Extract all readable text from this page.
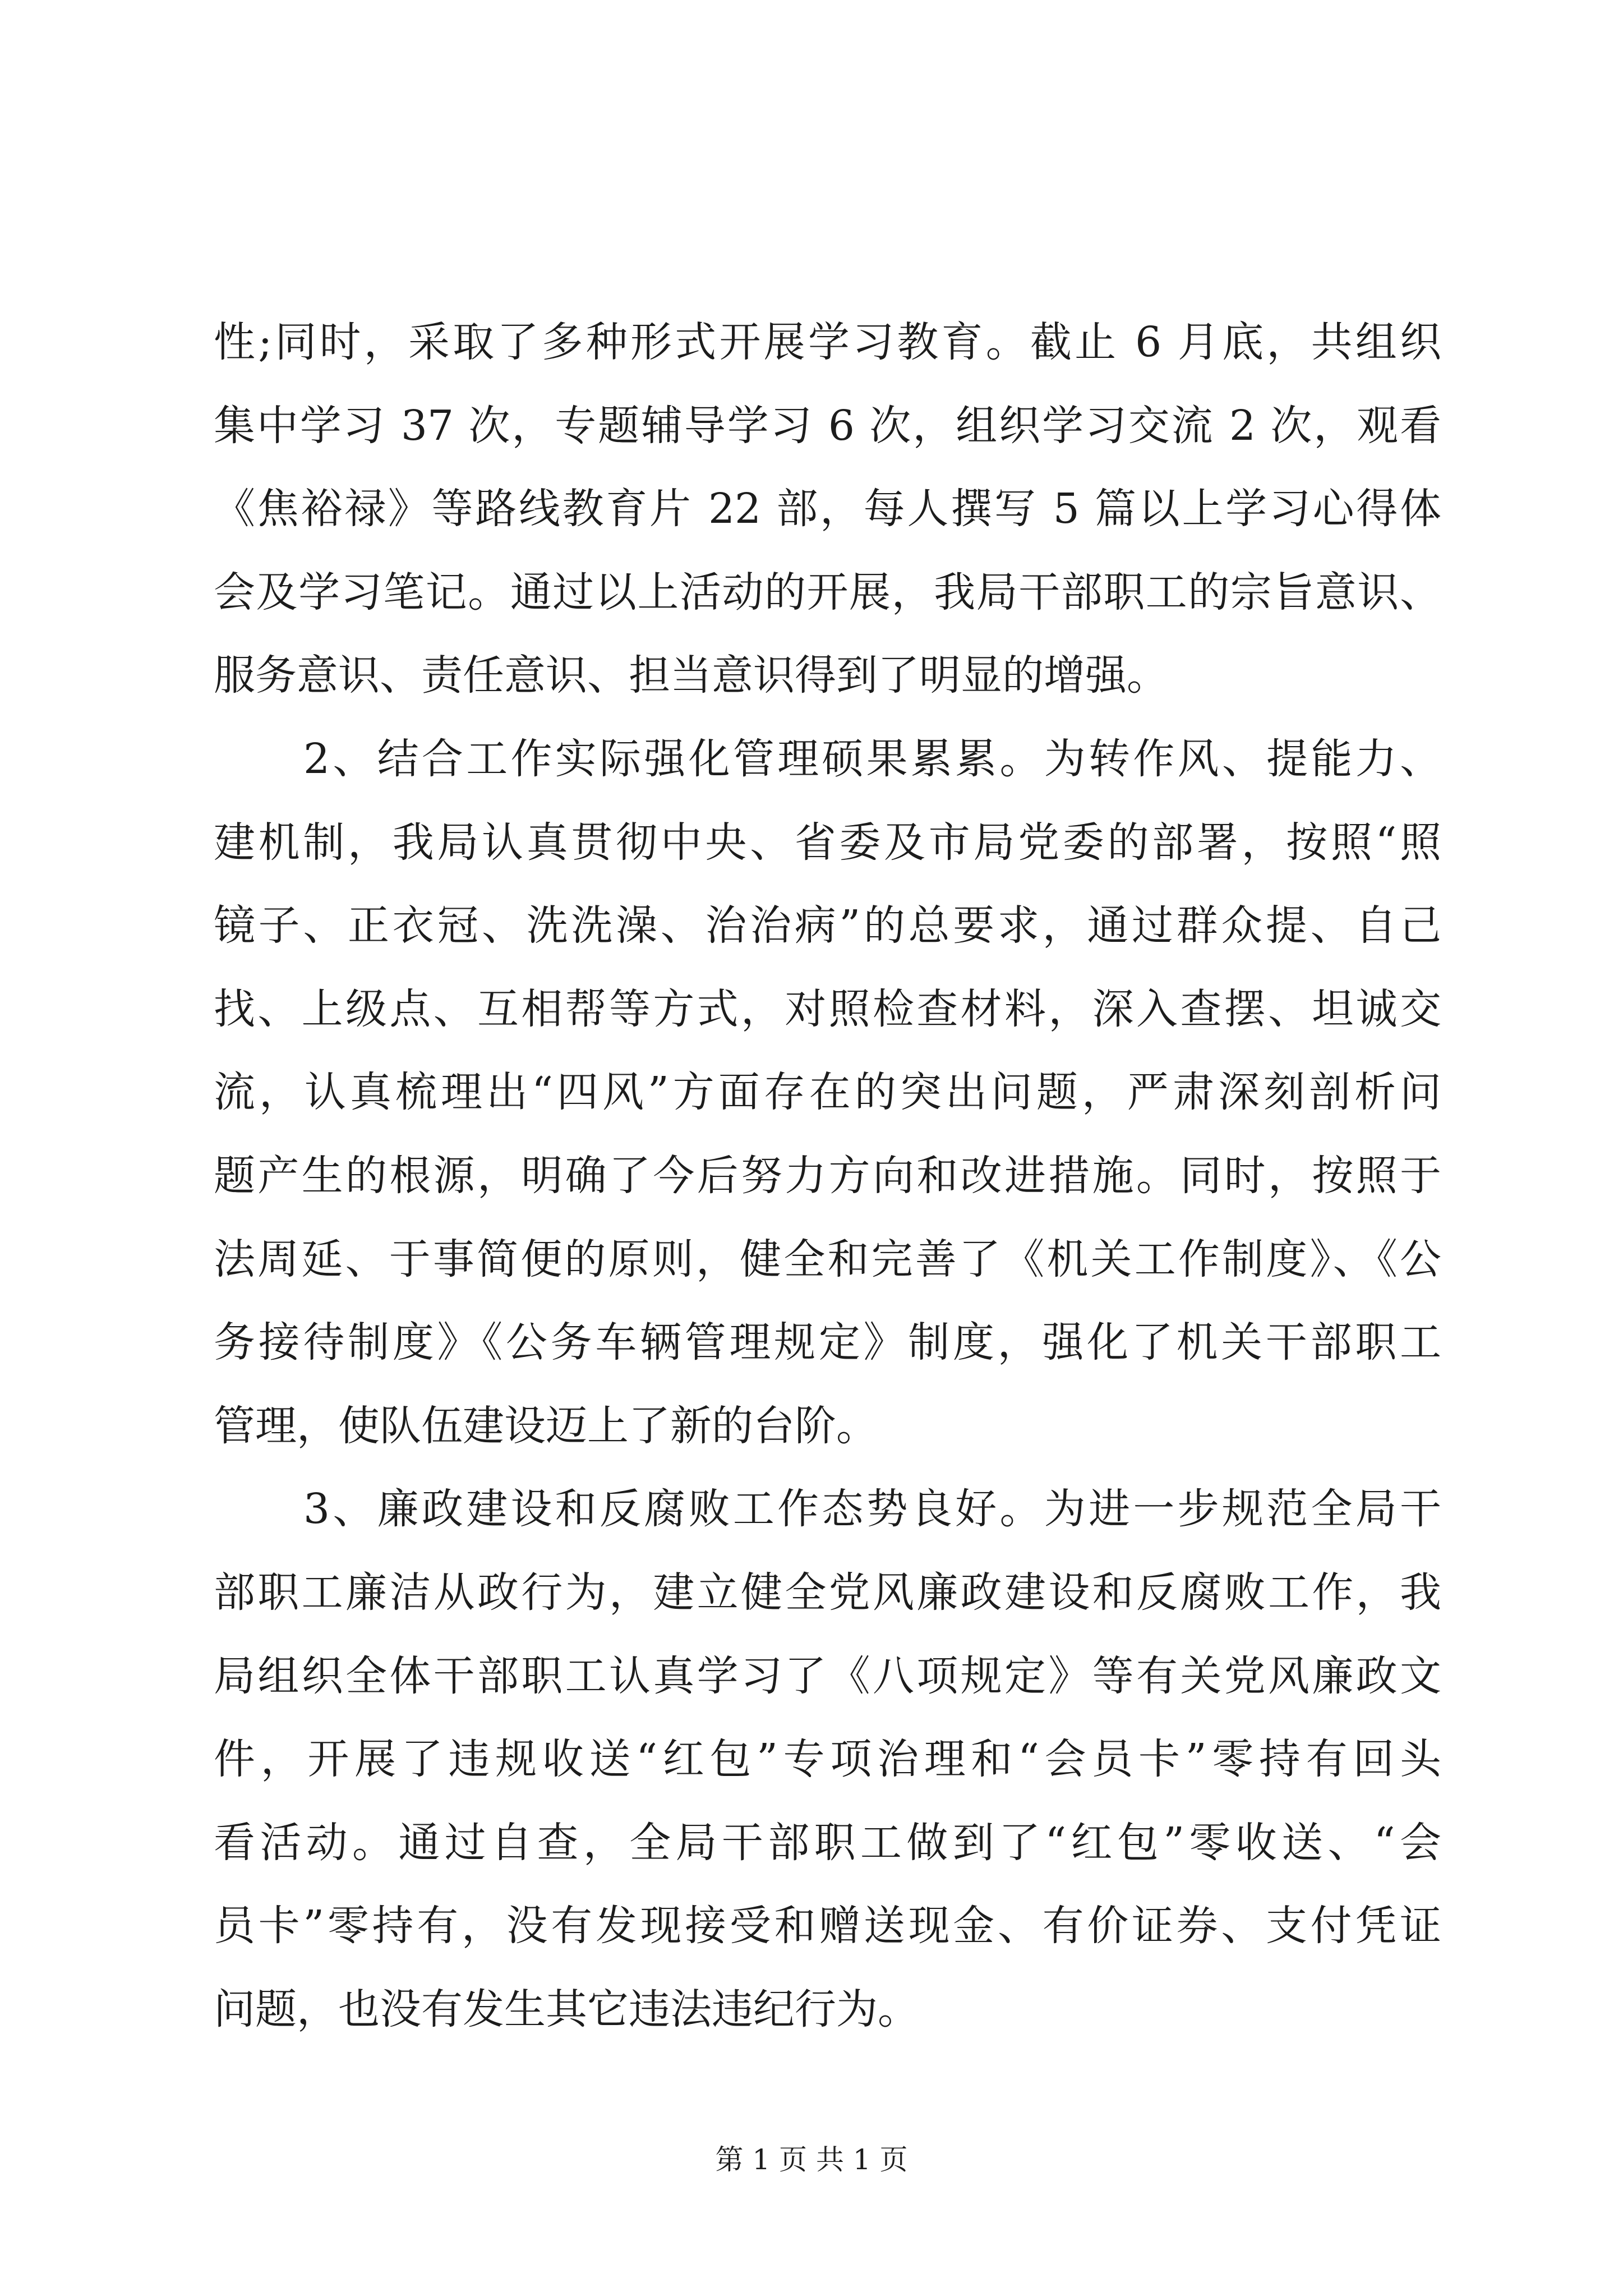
性;同时，采取了多种形式开展学习教育。截止 6 月底，共组织
集中学习 37 次，专题辅导学习 6 次，组织学习交流 2 次，观看
《焦裕禄》等路线教育片 22 部，每人撰写 5 篇以上学习心得体
会及学习笔记。通过以上活动的开展，我局干部职工的宗旨意识、
服务意识、责任意识、担当意识得到了明显的增强。
2、结合工作实际强化管理硕果累累。为转作风、提能力、
建机制，我局认真贯彻中央、省委及市局党委的部署，按照“照
镜子、正衣冠、洗洗澡、治治病”的总要求，通过群众提、自己
找、上级点、互相帮等方式，对照检查材料，深入查摆、坦诚交
流，认真梳理出“四风”方面存在的突出问题，严肃深刻剖析问
题产生的根源，明确了今后努力方向和改进措施。同时，按照于
法周延、于事简便的原则，健全和完善了《机关工作制度》、《公
务接待制度》《公务车辆管理规定》制度，强化了机关干部职工
管理，使队伍建设迈上了新的台阶。
3、廉政建设和反腐败工作态势良好。为进一步规范全局干
部职工廉洁从政行为，建立健全党风廉政建设和反腐败工作，我
局组织全体干部职工认真学习了《八项规定》等有关党风廉政文
件，开展了违规收送“红包”专项治理和“会员卡”零持有回头
看活动。通过自查，全局干部职工做到了“红包”零收送、“会
员卡”零持有，没有发现接受和赠送现金、有价证券、支付凭证
问题，也没有发生其它违法违纪行为。
第 1 页 共 1 页
